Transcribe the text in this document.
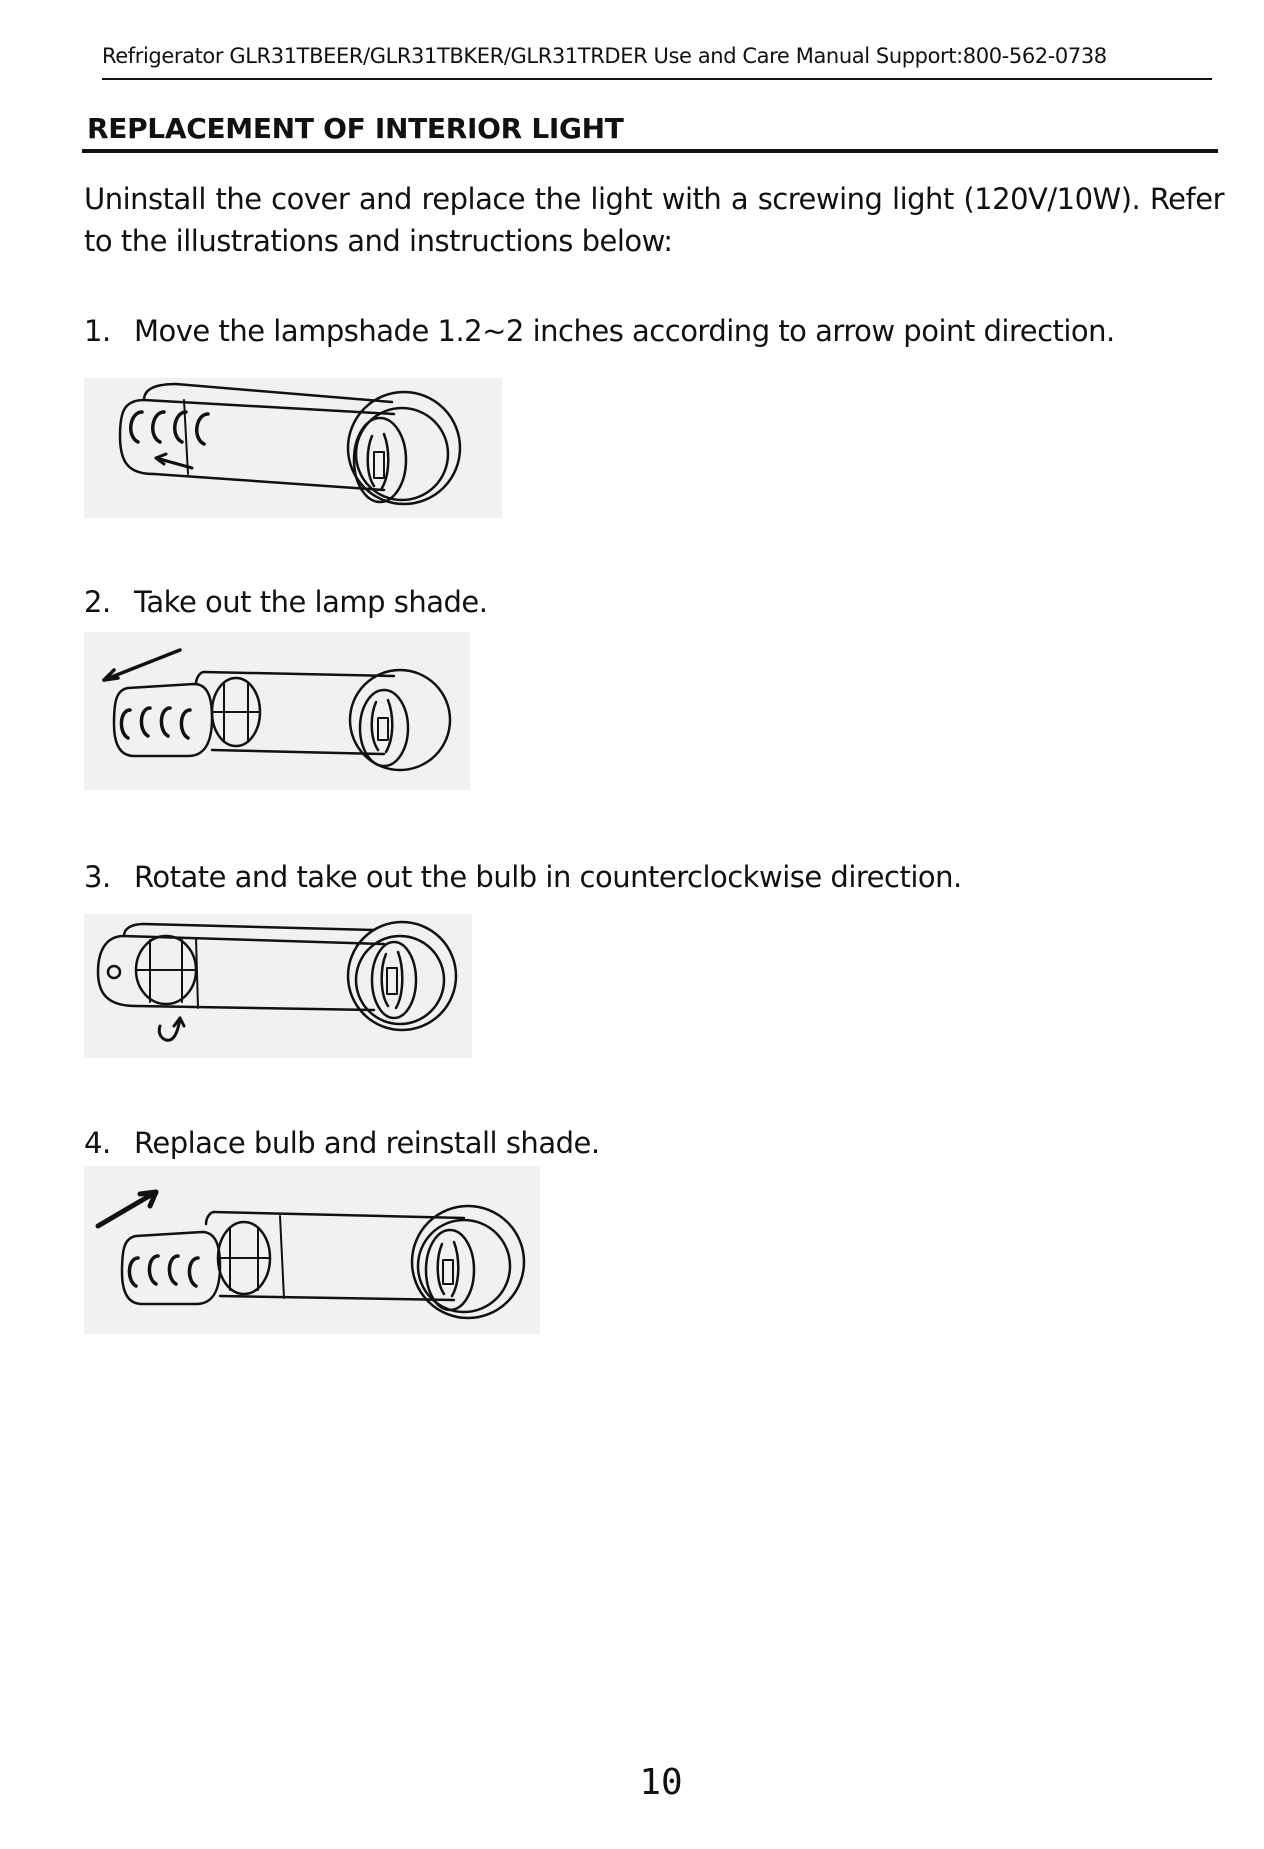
Refrigerator GLR31TBEER/GLR31TBKER/GLR31TRDER Use and Care Manual Support:800-562-0738
REPLACEMENT OF INTERIOR LIGHT
Uninstall the cover and replace the light with a screwing light (120V/10W). Refer to the illustrations and instructions below:
1. Move the lampshade 1.2~2 inches according to arrow point direction.
2. Take out the lamp shade.
3. Rotate and take out the bulb in counterclockwise direction.
4. Replace bulb and reinstall shade.
10
